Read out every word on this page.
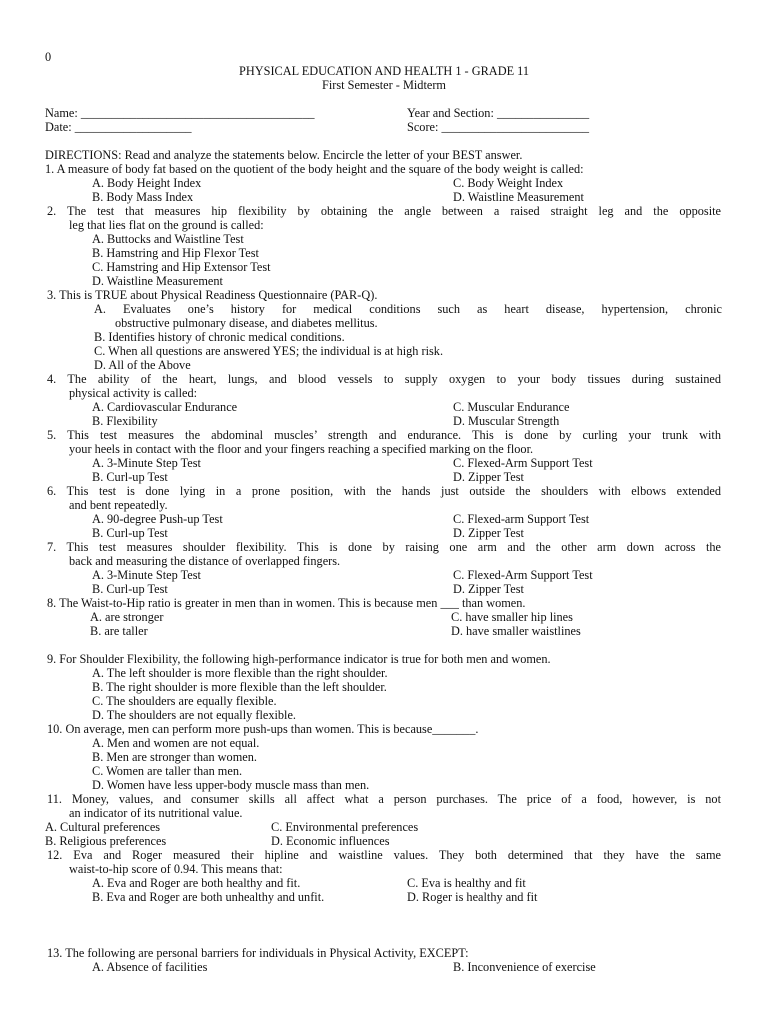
0
PHYSICAL EDUCATION AND HEALTH 1 - GRADE 11
First Semester - Midterm
Name: ______________________________________	Year and Section: _______________
Date: ___________________	Score: ________________________
DIRECTIONS: Read and analyze the statements below. Encircle the letter of your BEST answer.
1. A measure of body fat based on the quotient of the body height and the square of the body weight is called:
A. Body Height Index	C. Body Weight Index
B. Body Mass Index	D. Waistline Measurement
2. The test that measures hip flexibility by obtaining the angle between a raised straight leg and the opposite
leg that lies flat on the ground is called:
A. Buttocks and Waistline Test
B. Hamstring and Hip Flexor Test
C. Hamstring and Hip Extensor Test
D. Waistline Measurement
3. This is TRUE about Physical Readiness Questionnaire (PAR-Q).
A. Evaluates one’s history for medical conditions such as heart disease, hypertension, chronic
obstructive pulmonary disease, and diabetes mellitus.
B. Identifies history of chronic medical conditions.
C. When all questions are answered YES; the individual is at high risk.
D. All of the Above
4. The ability of the heart, lungs, and blood vessels to supply oxygen to your body tissues during sustained
physical activity is called:
A. Cardiovascular Endurance	C. Muscular Endurance
B. Flexibility	D. Muscular Strength
5. This test measures the abdominal muscles’ strength and endurance. This is done by curling your trunk with
your heels in contact with the floor and your fingers reaching a specified marking on the floor.
A. 3-Minute Step Test	C. Flexed-Arm Support Test
B. Curl-up Test	D. Zipper Test
6. This test is done lying in a prone position, with the hands just outside the shoulders with elbows extended
and bent repeatedly.
A. 90-degree Push-up Test	C. Flexed-arm Support Test
B. Curl-up Test	D. Zipper Test
7. This test measures shoulder flexibility. This is done by raising one arm and the other arm down across the
back and measuring the distance of overlapped fingers.
A. 3-Minute Step Test	C. Flexed-Arm Support Test
B. Curl-up Test	D. Zipper Test
8. The Waist-to-Hip ratio is greater in men than in women. This is because men ___ than women.
A. are stronger	C. have smaller hip lines
B. are taller	D. have smaller waistlines
9. For Shoulder Flexibility, the following high-performance indicator is true for both men and women.
A. The left shoulder is more flexible than the right shoulder.
B. The right shoulder is more flexible than the left shoulder.
C. The shoulders are equally flexible.
D. The shoulders are not equally flexible.
10. On average, men can perform more push-ups than women. This is because_______.
A. Men and women are not equal.
B. Men are stronger than women.
C. Women are taller than men.
D. Women have less upper-body muscle mass than men.
11. Money, values, and consumer skills all affect what a person purchases. The price of a food, however, is not
an indicator of its nutritional value.
A. Cultural preferences	C. Environmental preferences
B. Religious preferences	D. Economic influences
12. Eva and Roger measured their hipline and waistline values. They both determined that they have the same
waist-to-hip score of 0.94. This means that:
A. Eva and Roger are both healthy and fit.	C. Eva is healthy and fit
B. Eva and Roger are both unhealthy and unfit.	D. Roger is healthy and fit
13. The following are personal barriers for individuals in Physical Activity, EXCEPT:
A. Absence of facilities	B. Inconvenience of exercise
